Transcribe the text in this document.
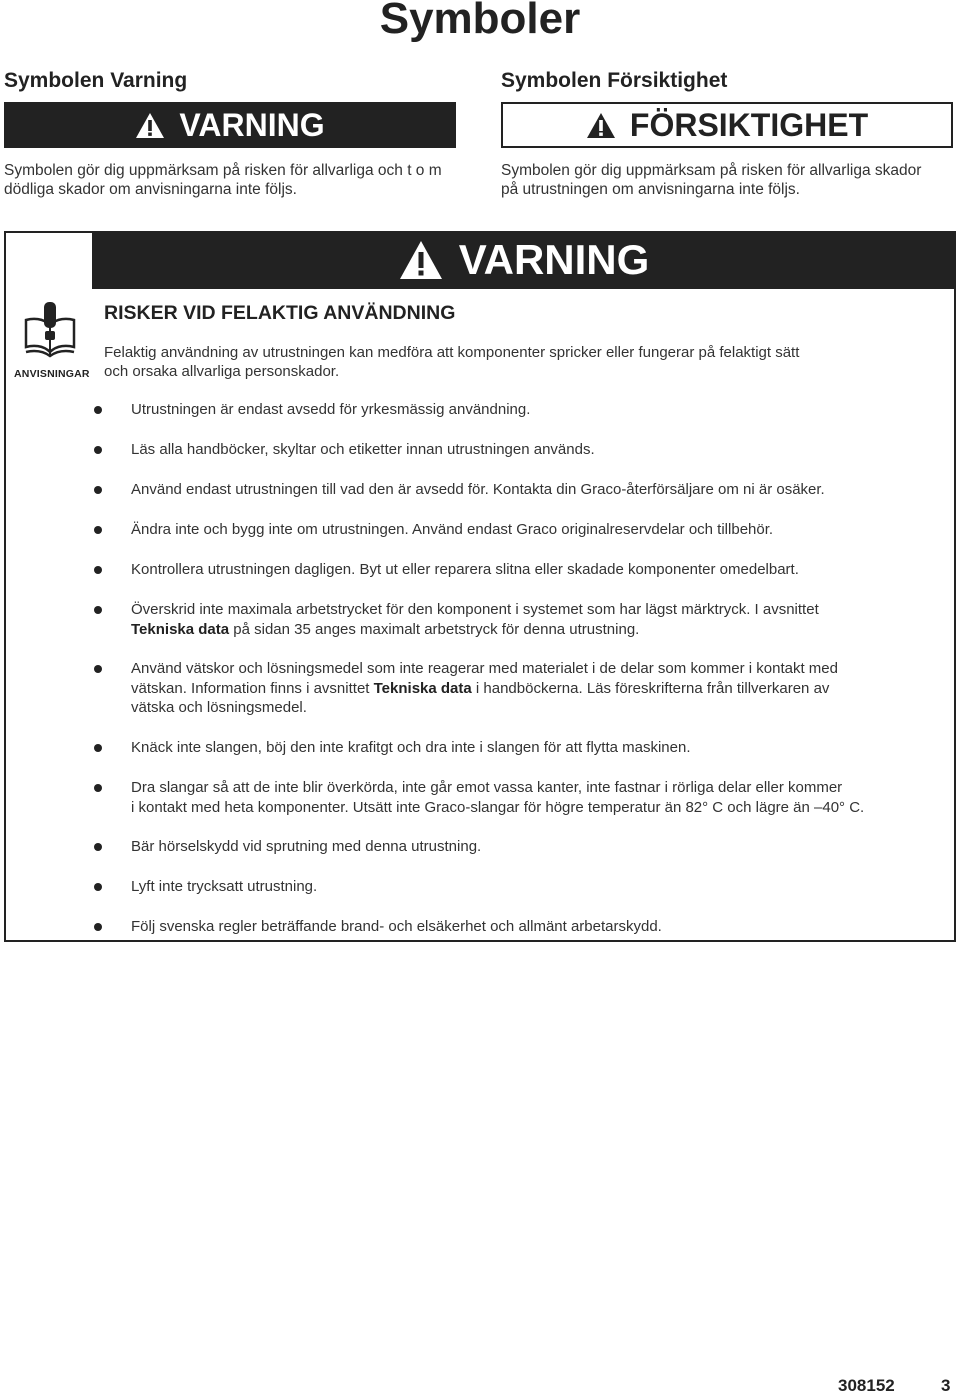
Symboler
Symbolen Varning
VARNING
Symbolen gör dig uppmärksam på risken för allvarliga och t o m
dödliga skador om anvisningarna inte följs.
Symbolen Försiktighet
FÖRSIKTIGHET
Symbolen gör dig uppmärksam på risken för allvarliga skador
på utrustningen om anvisningarna inte följs.
VARNING
ANVISNINGAR
RISKER VID FELAKTIG ANVÄNDNING
Felaktig användning av utrustningen kan medföra att komponenter spricker eller fungerar på felaktigt sätt
och orsaka allvarliga personskador.
Utrustningen är endast avsedd för yrkesmässig användning.
Läs alla handböcker, skyltar och etiketter innan utrustningen används.
Använd endast utrustningen till vad den är avsedd för. Kontakta din Graco-återförsäljare om ni är osäker.
Ändra inte och bygg inte om utrustningen. Använd endast Graco originalreservdelar och tillbehör.
Kontrollera utrustningen dagligen. Byt ut eller reparera slitna eller skadade komponenter omedelbart.
Överskrid inte maximala arbetstrycket för den komponent i systemet som har lägst märktryck. I avsnittet
Tekniska data på sidan 35 anges maximalt arbetstryck för denna utrustning.
Använd vätskor och lösningsmedel som inte reagerar med materialet i de delar som kommer i kontakt med
vätskan. Information finns i avsnittet Tekniska data i handböckerna. Läs föreskrifterna från tillverkaren av
vätska och lösningsmedel.
Knäck inte slangen, böj den inte krafitgt och dra inte i slangen för att flytta maskinen.
Dra slangar så att de inte blir överkörda, inte går emot vassa kanter, inte fastnar i rörliga delar eller kommer
i kontakt med heta komponenter. Utsätt inte Graco-slangar för högre temperatur än 82° C och lägre än –40° C.
Bär hörselskydd vid sprutning med denna utrustning.
Lyft inte trycksatt utrustning.
Följ svenska regler beträffande brand- och elsäkerhet och allmänt arbetarskydd.
308152	3
